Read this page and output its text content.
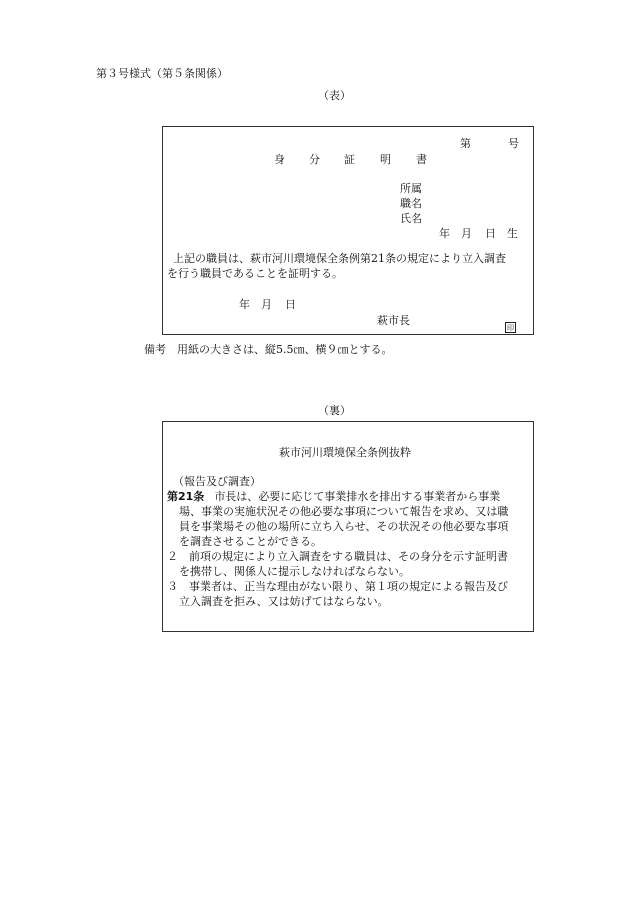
第３号様式（第５条関係）
（表）
第	号
身 分 証 明 書
所属
職名
氏名
年 月 日 生
上記の職員は、萩市河川環境保全条例第21条の規定により立入調査
を行う職員であることを証明する。
年 月 日
萩市長
印
備考　用紙の大きさは、縦5.5㎝、横９㎝とする。
（裏）
萩市河川環境保全条例抜粋
（報告及び調査）
第21条 市長は、必要に応じて事業排水を排出する事業者から事業
場、事業の実施状況その他必要な事項について報告を求め、又は職
員を事業場その他の場所に立ち入らせ、その状況その他必要な事項
を調査させることができる。
２　前項の規定により立入調査をする職員は、その身分を示す証明書
を携帯し、関係人に提示しなければならない。
３　事業者は、正当な理由がない限り、第１項の規定による報告及び
立入調査を拒み、又は妨げてはならない。
